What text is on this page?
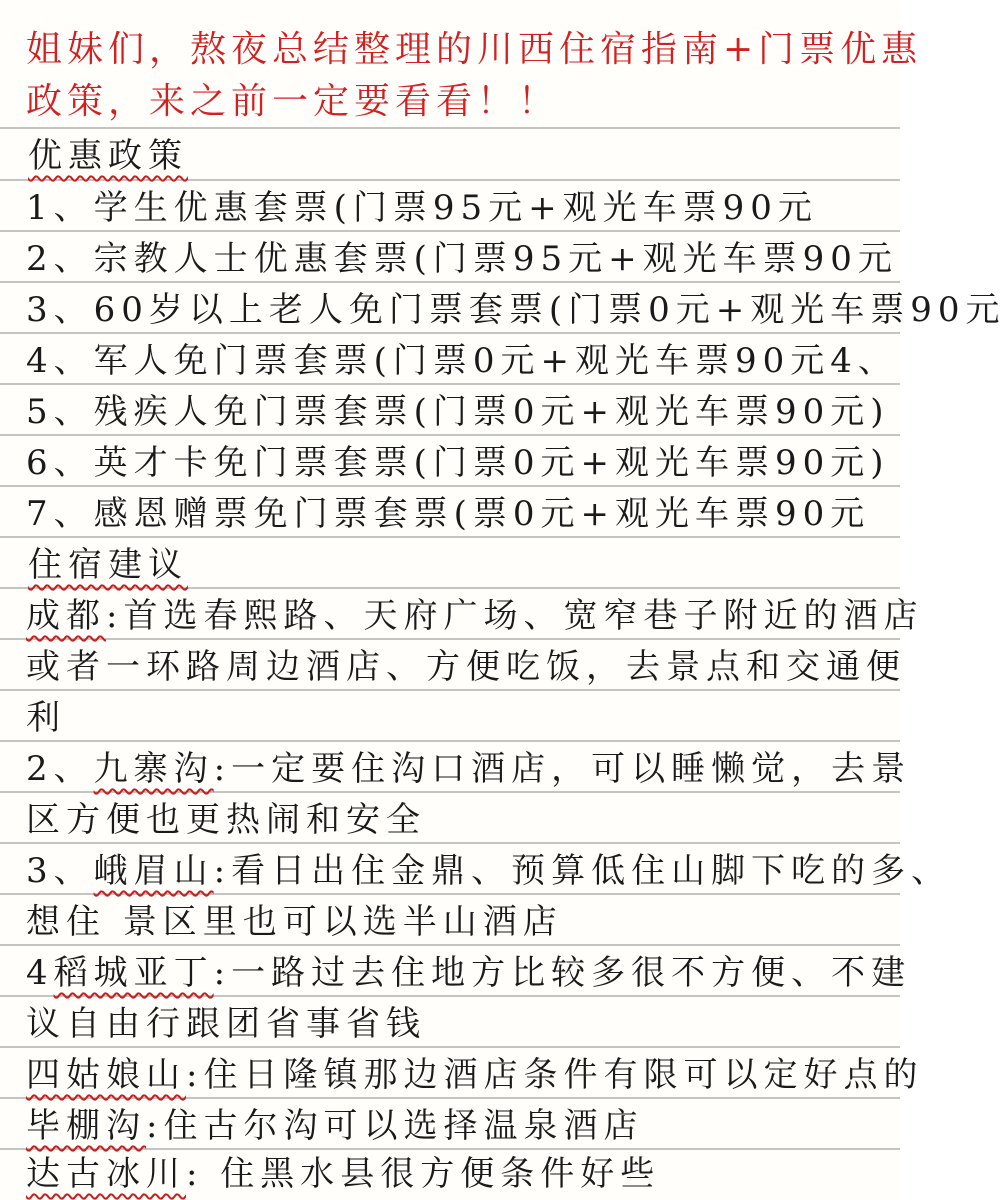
姐妹们，熬夜总结整理的川西住宿指南+门票优惠
政策，来之前一定要看看！！
优惠政策
1、学生优惠套票(门票95元+观光车票90元
2、宗教人士优惠套票(门票95元+观光车票90元
3、60岁以上老人免门票套票(门票0元+观光车票90元
4、军人免门票套票(门票0元+观光车票90元4、
5、残疾人免门票套票(门票0元+观光车票90元)
6、英才卡免门票套票(门票0元+观光车票90元)
7、感恩赠票免门票套票(票0元+观光车票90元
住宿建议
成都:首选春熙路、天府广场、宽窄巷子附近的酒店
或者一环路周边酒店、方便吃饭，去景点和交通便
利
2、九寨沟:一定要住沟口酒店，可以睡懒觉，去景
区方便也更热闹和安全
3、峨眉山:看日出住金鼎、预算低住山脚下吃的多、
想住 景区里也可以选半山酒店
4稻城亚丁:一路过去住地方比较多很不方便、不建
议自由行跟团省事省钱
四姑娘山:住日隆镇那边酒店条件有限可以定好点的
毕棚沟:住古尔沟可以选择温泉酒店
达古冰川: 住黑水县很方便条件好些
